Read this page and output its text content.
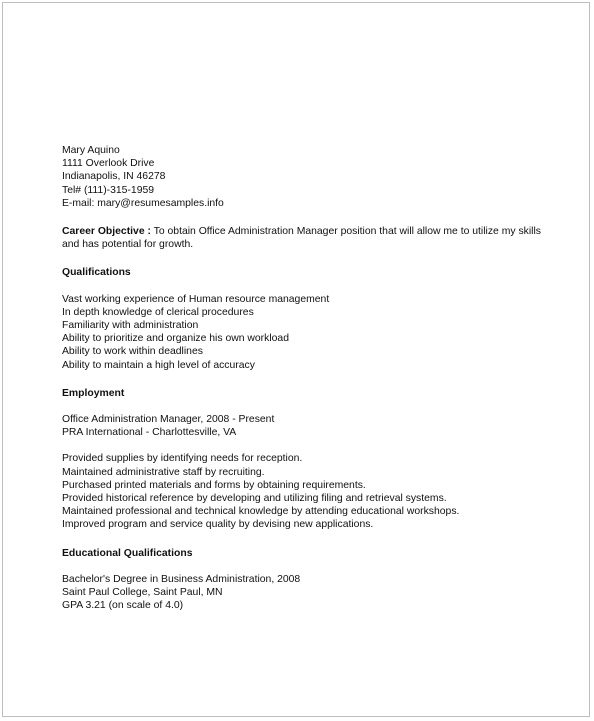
Mary Aquino
1111 Overlook Drive
Indianapolis, IN 46278
Tel# (111)-315-1959
E-mail: mary@resumesamples.info
Career Objective : To obtain Office Administration Manager position that will allow me to utilize my skills and has potential for growth.
Qualifications
Vast working experience of Human resource management
In depth knowledge of clerical procedures
Familiarity with administration
Ability to prioritize and organize his own workload
Ability to work within deadlines
Ability to maintain a high level of accuracy
Employment
Office Administration Manager, 2008 - Present
PRA International - Charlottesville, VA
Provided supplies by identifying needs for reception.
Maintained administrative staff by recruiting.
Purchased printed materials and forms by obtaining requirements.
Provided historical reference by developing and utilizing filing and retrieval systems.
Maintained professional and technical knowledge by attending educational workshops.
Improved program and service quality by devising new applications.
Educational Qualifications
Bachelor's Degree in Business Administration, 2008
Saint Paul College, Saint Paul, MN
GPA 3.21 (on scale of 4.0)
